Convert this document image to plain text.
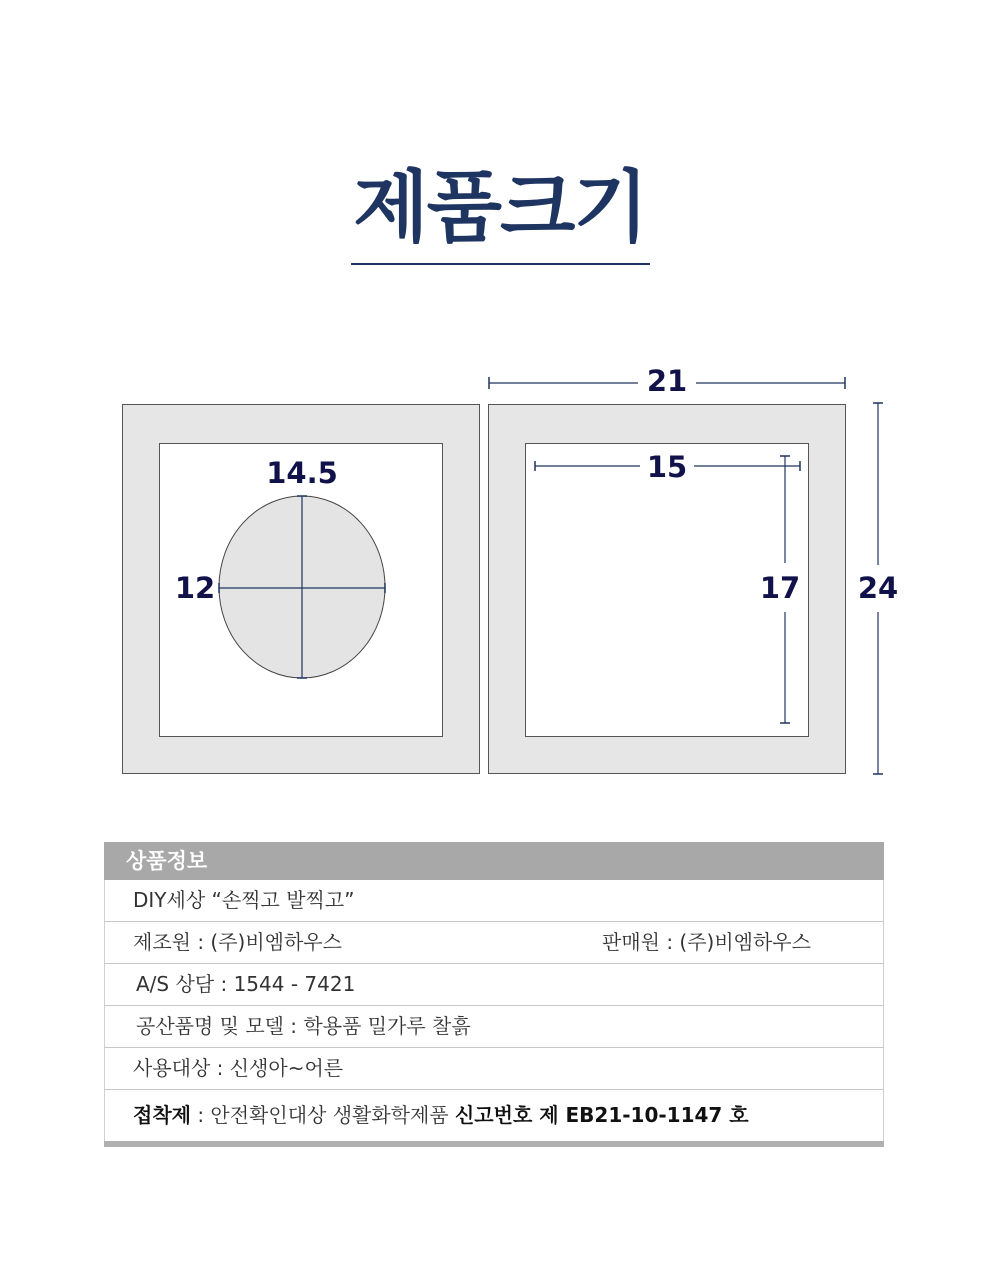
제품크기
14.5
12
21
24
15
17
상품정보
DIY세상 “손찍고 발찍고”
제조원 : (주)비엠하우스	판매원 : (주)비엠하우스
A/S 상담 : 1544 - 7421
공산품명 및 모델 : 학용품 밀가루 찰흙
사용대상 : 신생아~어른
접착제 : 안전확인대상 생활화학제품 신고번호 제 EB21-10-1147 호
